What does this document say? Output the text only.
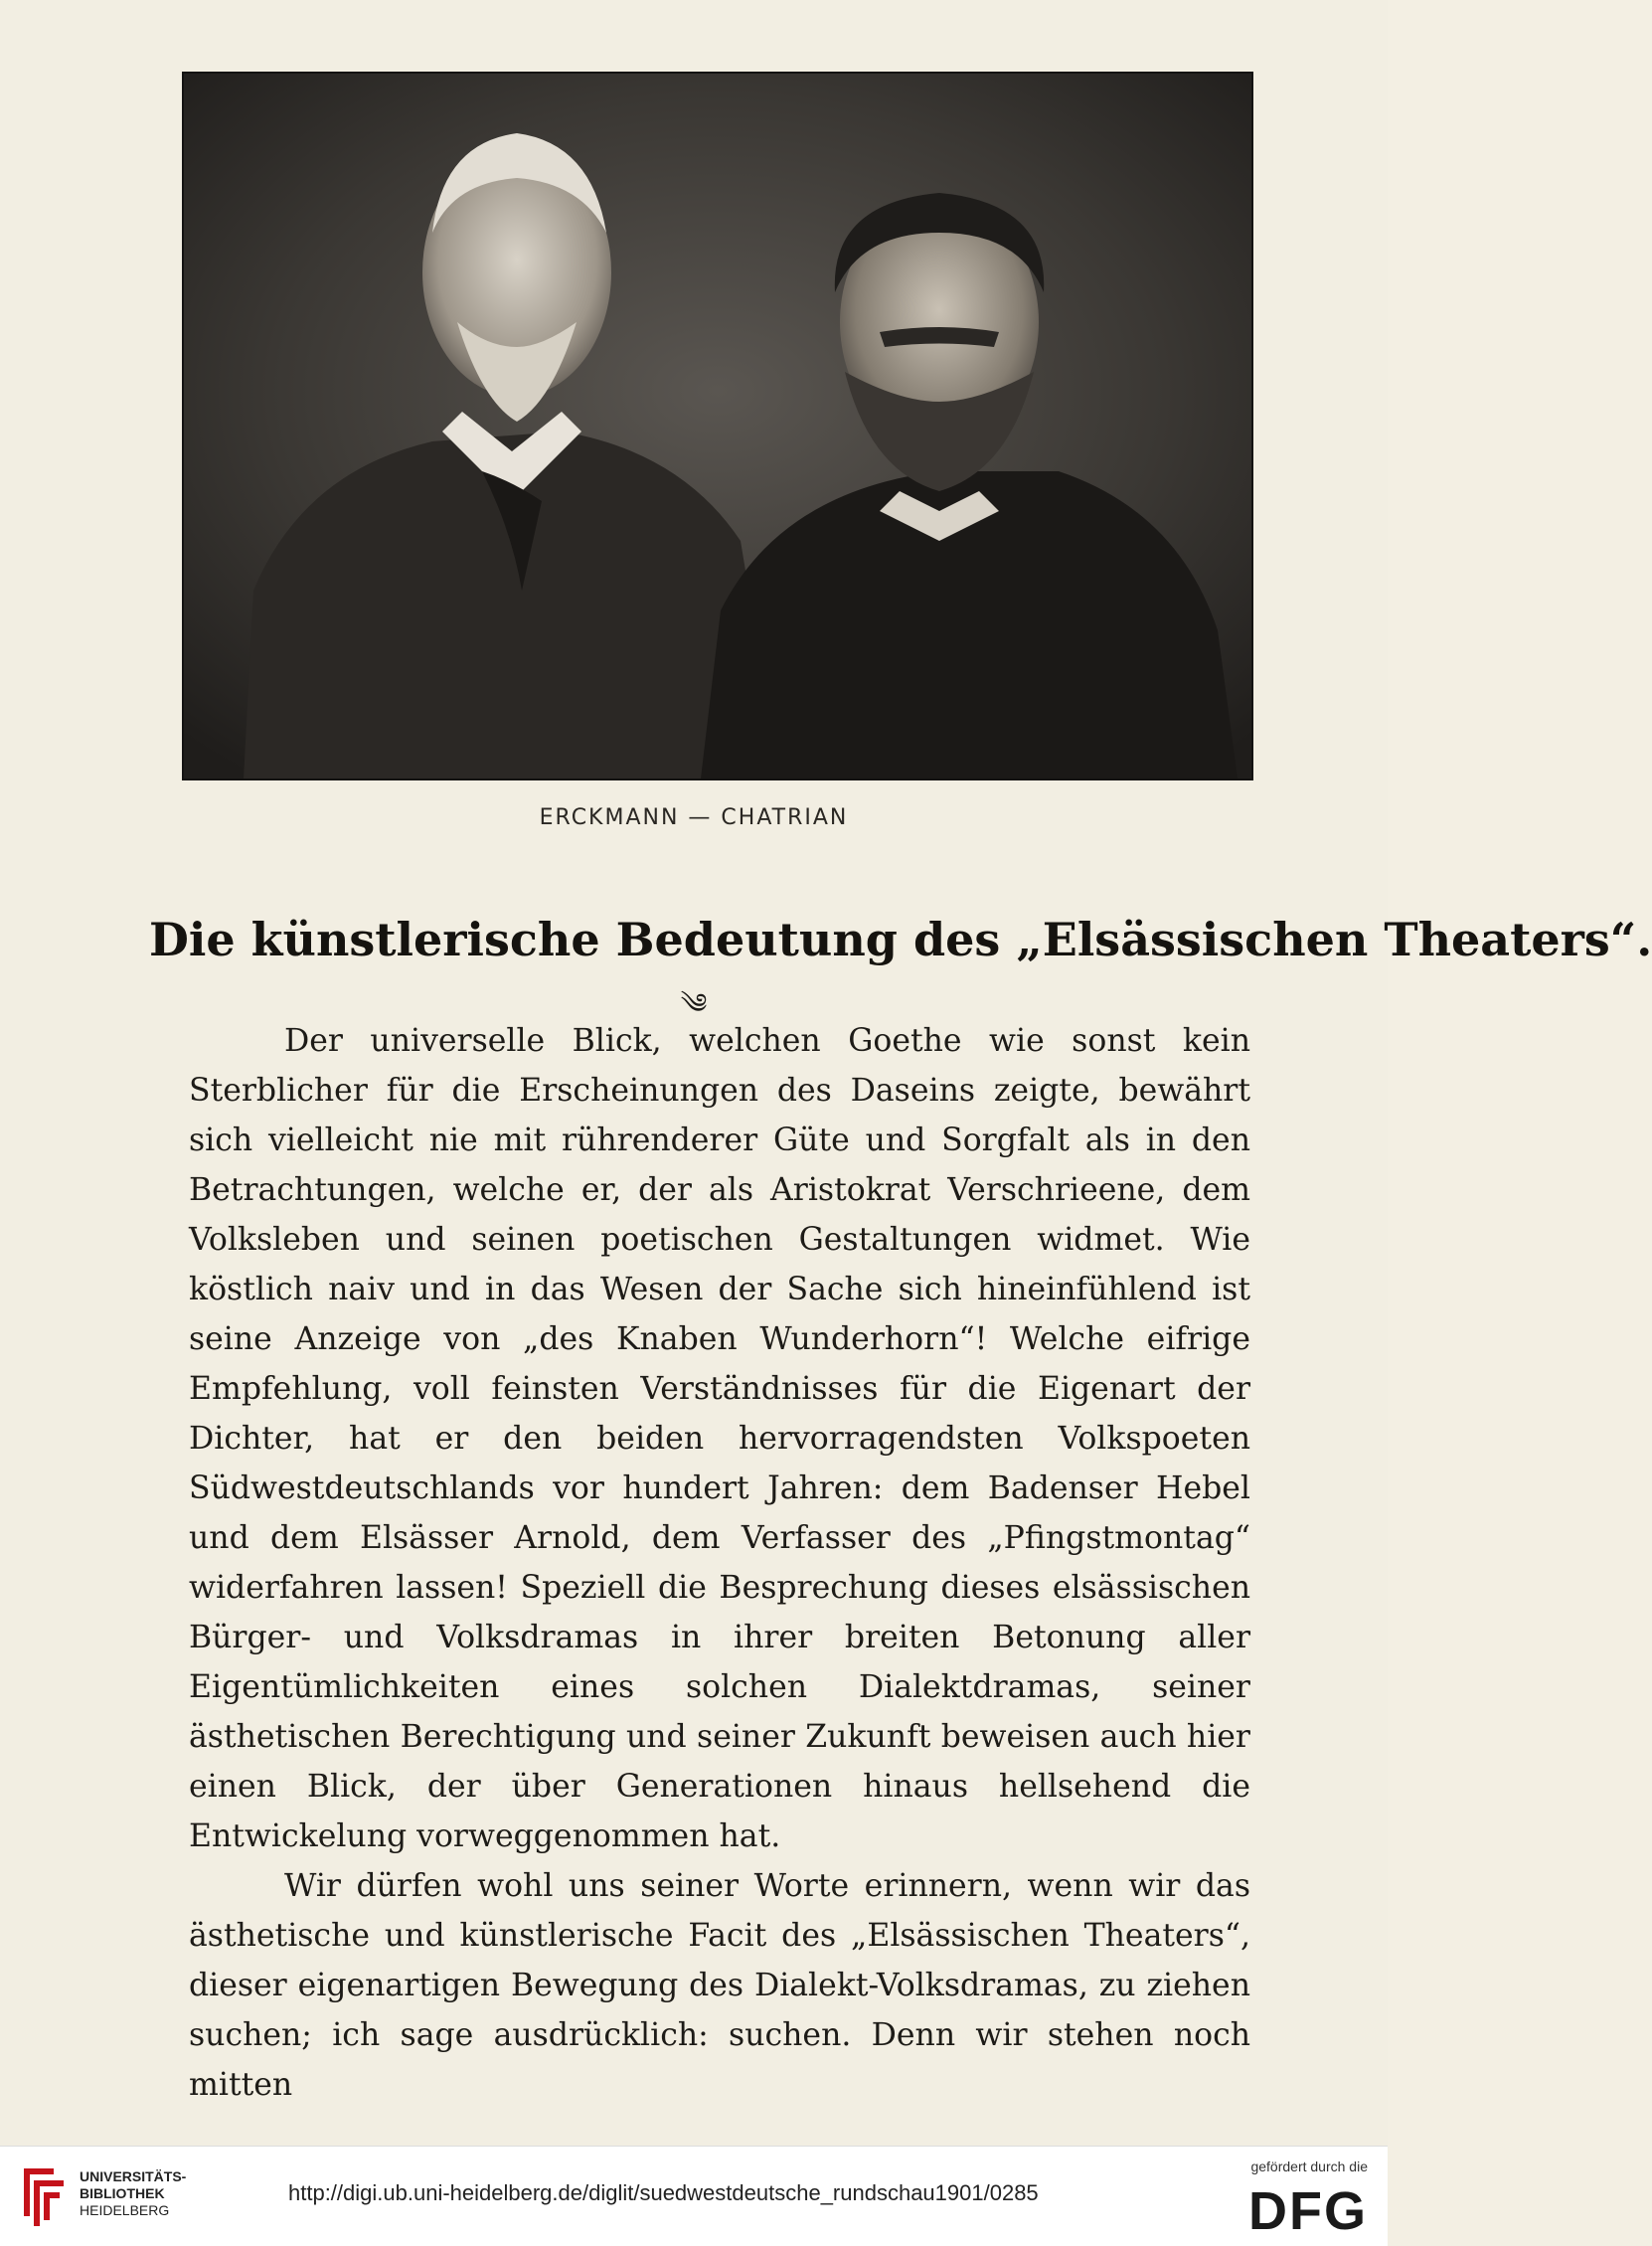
ERCKMANN — CHATRIAN
Die künstlerische Bedeutung des „Elsässischen Theaters“.
༄

Der universelle Blick, welchen Goethe wie sonst kein Sterblicher für die Erscheinungen des Daseins zeigte, bewährt sich vielleicht nie mit rührenderer Güte und Sorgfalt als in den Betrachtungen, welche er, der als Aristokrat Verschrieene, dem Volksleben und seinen poetischen Gestaltungen widmet. Wie köstlich naiv und in das Wesen der Sache sich hineinfühlend ist seine Anzeige von „des Knaben Wunderhorn“! Welche eifrige Empfehlung, voll feinsten Verständnisses für die Eigenart der Dichter, hat er den beiden hervorragendsten Volkspoeten Südwestdeutschlands vor hundert Jahren: dem Badenser Hebel und dem Elsässer Arnold, dem Verfasser des „Pfingstmontag“ widerfahren lassen! Speziell die Besprechung dieses elsässischen Bürger- und Volksdramas in ihrer breiten Betonung aller Eigentümlichkeiten eines solchen Dialektdramas, seiner ästhetischen Berechtigung und seiner Zukunft beweisen auch hier einen Blick, der über Generationen hinaus hellsehend die Entwickelung vorweggenommen hat.

Wir dürfen wohl uns seiner Worte erinnern, wenn wir das ästhetische und künstlerische Facit des „Elsässischen Theaters“, dieser eigenartigen Bewegung des Dialekt-Volksdramas, zu ziehen suchen; ich sage ausdrücklich: suchen. Denn wir stehen noch mitten

UNIVERSITÄTS-
BIBLIOTHEK
HEIDELBERG
http://digi.ub.uni-heidelberg.de/diglit/suedwestdeutsche_rundschau1901/0285
gefördert durch die
DFG
